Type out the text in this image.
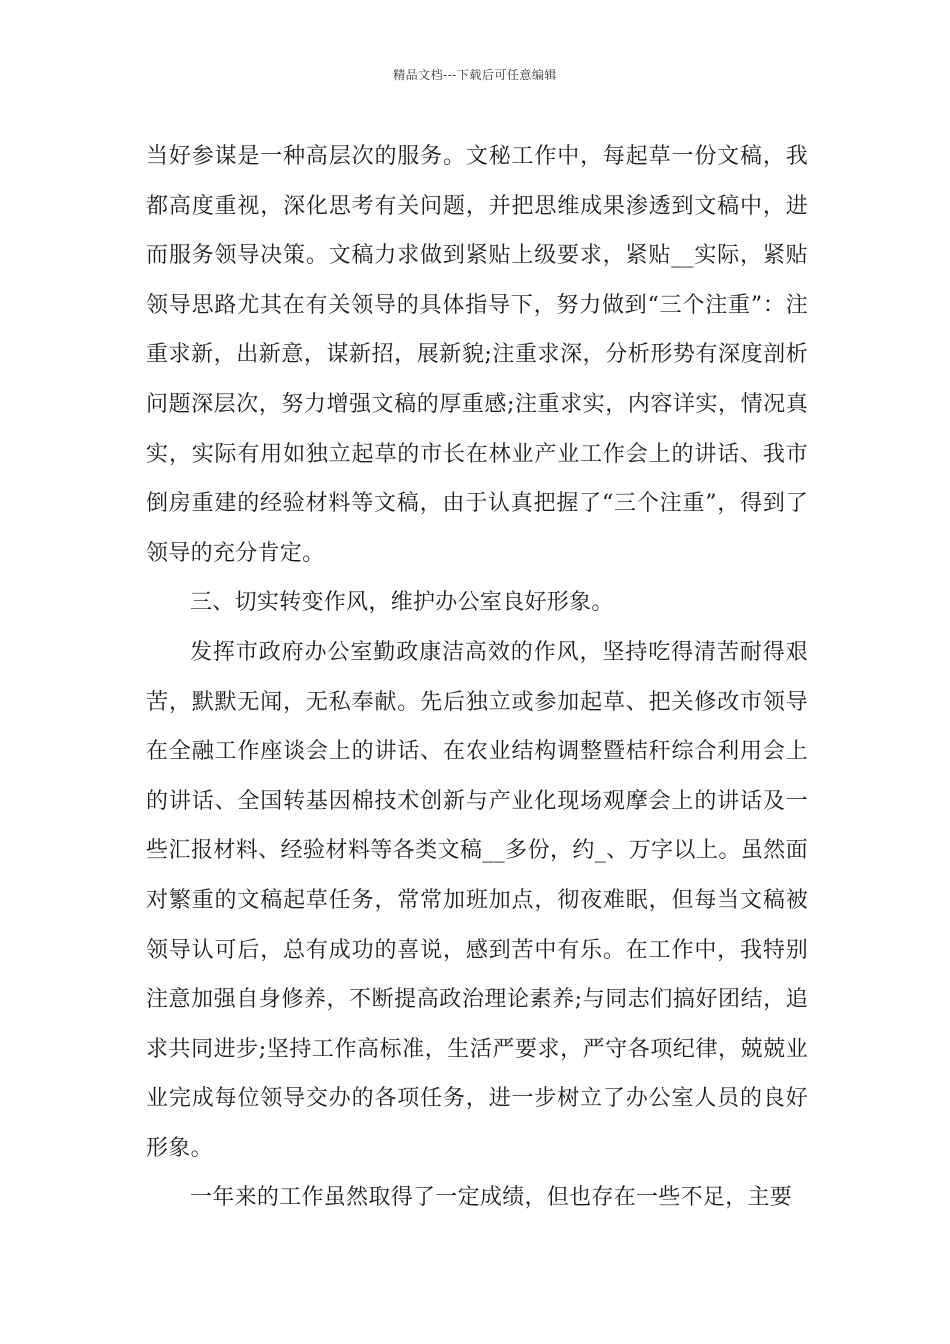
精品文档---下载后可任意编辑

当好参谋是一种高层次的服务。文秘工作中，每起草一份文稿，我都高度重视，深化思考有关问题，并把思维成果渗透到文稿中，进而服务领导决策。文稿力求做到紧贴上级要求，紧贴__实际，紧贴领导思路尤其在有关领导的具体指导下，努力做到“三个注重”：注重求新，出新意，谋新招，展新貌;注重求深，分析形势有深度剖析问题深层次，努力增强文稿的厚重感;注重求实，内容详实，情况真实，实际有用如独立起草的市长在林业产业工作会上的讲话、我市倒房重建的经验材料等文稿，由于认真把握了“三个注重”，得到了领导的充分肯定。

三、切实转变作风，维护办公室良好形象。

发挥市政府办公室勤政康洁高效的作风，坚持吃得清苦耐得艰苦，默默无闻，无私奉献。先后独立或参加起草、把关修改市领导在全融工作座谈会上的讲话、在农业结构调整暨桔秆综合利用会上的讲话、全国转基因棉技术创新与产业化现场观摩会上的讲话及一些汇报材料、经验材料等各类文稿__多份，约_、万字以上。虽然面对繁重的文稿起草任务，常常加班加点，彻夜难眠，但每当文稿被领导认可后，总有成功的喜说，感到苦中有乐。在工作中，我特别注意加强自身修养，不断提高政治理论素养;与同志们搞好团结，追求共同进步;坚持工作高标准，生活严要求，严守各项纪律，兢兢业业完成每位领导交办的各项任务，进一步树立了办公室人员的良好形象。

一年来的工作虽然取得了一定成绩，但也存在一些不足，主要
